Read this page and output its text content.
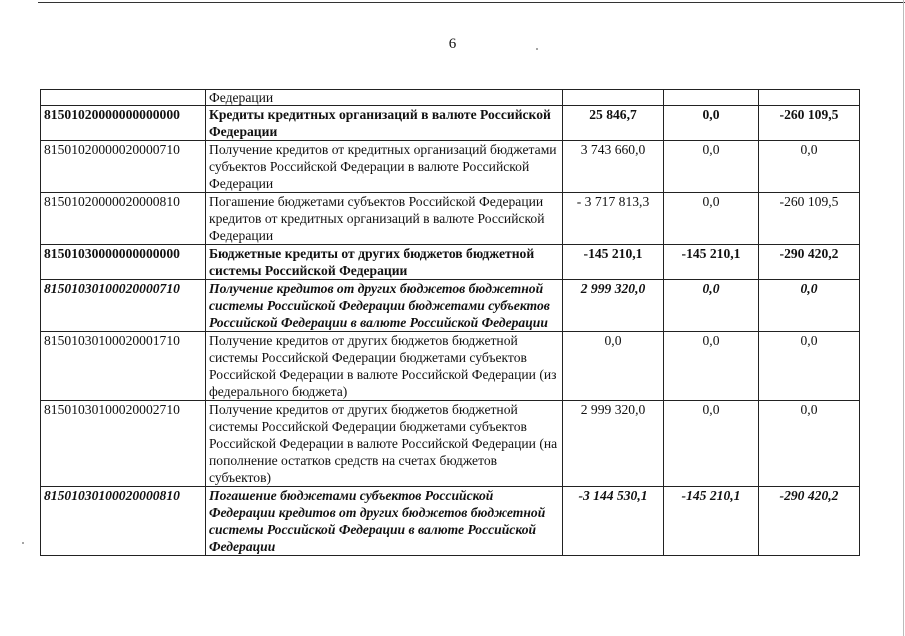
6
	Федерации			
81501020000000000000	Кредиты кредитных организаций в валюте Российской Федерации	25 846,7	0,0	-260 109,5
81501020000020000710	Получение кредитов от кредитных организаций бюджетами субъектов Российской Федерации в валюте Российской Федерации	3 743 660,0	0,0	0,0
81501020000020000810	Погашение бюджетами субъектов Российской Федерации кредитов от кредитных организаций в валюте Российской Федерации	- 3 717 813,3	0,0	-260 109,5
81501030000000000000	Бюджетные кредиты от других бюджетов бюджетной системы Российской Федерации	-145 210,1	-145 210,1	-290 420,2
81501030100020000710	Получение кредитов от других бюджетов бюджетной системы Российской Федерации бюджетами субъектов Российской Федерации в валюте Российской Федерации	2 999 320,0	0,0	0,0
81501030100020001710	Получение кредитов от других бюджетов бюджетной системы Российской Федерации бюджетами субъектов Российской Федерации в валюте Российской Федерации (из федерального бюджета)	0,0	0,0	0,0
81501030100020002710	Получение кредитов от других бюджетов бюджетной системы Российской Федерации бюджетами субъектов Российской Федерации в валюте Российской Федерации (на пополнение остатков средств на счетах бюджетов субъектов)	2 999 320,0	0,0	0,0
81501030100020000810	Погашение бюджетами субъектов Российской Федерации кредитов от других бюджетов бюджетной системы Российской Федерации в валюте Российской Федерации	-3 144 530,1	-145 210,1	-290 420,2
